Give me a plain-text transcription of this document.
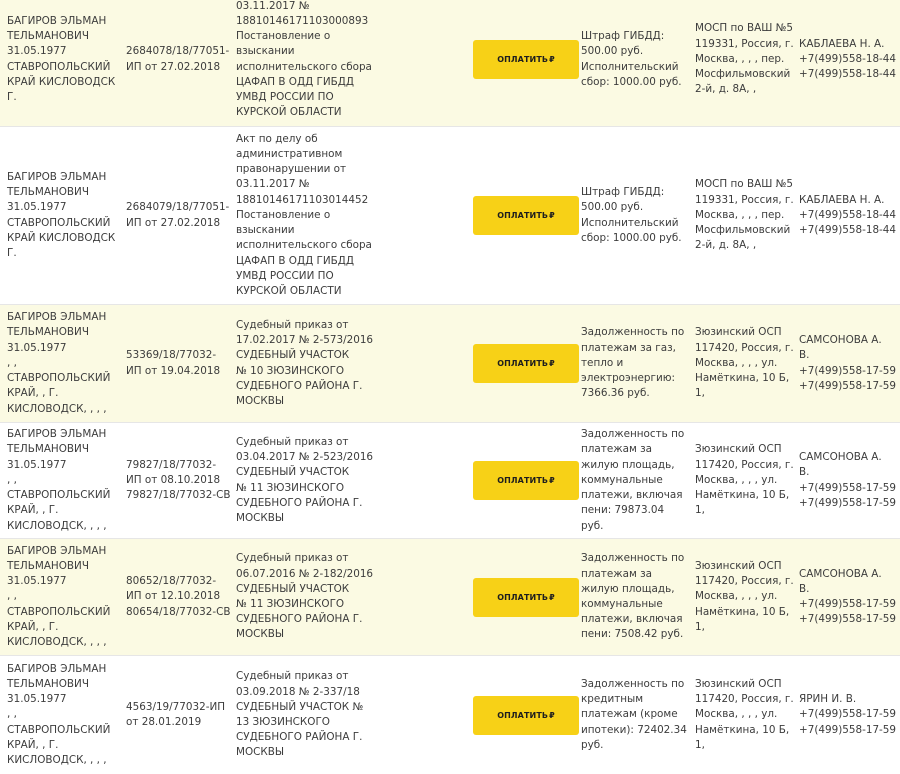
БАГИРОВ ЭЛЬМАН
ТЕЛЬМАНОВИЧ
31.05.1977
СТАВРОПОЛЬСКИЙ
КРАЙ КИСЛОВОДСК
Г.
2684078/18/77051-
ИП от 27.02.2018
03.11.2017 №
18810146171103000893
Постановление о
взыскании
исполнительского сбора
ЦАФАП В ОДД ГИБДД
УМВД РОССИИ ПО
КУРСКОЙ ОБЛАСТИ
ОПЛАТИТЬ ₽
Штраф ГИБДД:
500.00 руб.
Исполнительский
сбор: 1000.00 руб.
МОСП по ВАШ №5
119331, Россия, г.
Москва, , , , пер.
Мосфильмовский
2-й, д. 8А, ,
КАБЛАЕВА Н. А.
+7(499)558-18-44
+7(499)558-18-44
БАГИРОВ ЭЛЬМАН
ТЕЛЬМАНОВИЧ
31.05.1977
СТАВРОПОЛЬСКИЙ
КРАЙ КИСЛОВОДСК
Г.
2684079/18/77051-
ИП от 27.02.2018
Акт по делу об
административном
правонарушении от
03.11.2017 №
18810146171103014452
Постановление о
взыскании
исполнительского сбора
ЦАФАП В ОДД ГИБДД
УМВД РОССИИ ПО
КУРСКОЙ ОБЛАСТИ
ОПЛАТИТЬ ₽
Штраф ГИБДД:
500.00 руб.
Исполнительский
сбор: 1000.00 руб.
МОСП по ВАШ №5
119331, Россия, г.
Москва, , , , пер.
Мосфильмовский
2-й, д. 8А, ,
КАБЛАЕВА Н. А.
+7(499)558-18-44
+7(499)558-18-44
БАГИРОВ ЭЛЬМАН
ТЕЛЬМАНОВИЧ
31.05.1977
, ,
СТАВРОПОЛЬСКИЙ
КРАЙ, , Г.
КИСЛОВОДСК, , , ,
53369/18/77032-
ИП от 19.04.2018
Судебный приказ от
17.02.2017 № 2-573/2016
СУДЕБНЫЙ УЧАСТОК
№ 10 ЗЮЗИНСКОГО
СУДЕБНОГО РАЙОНА Г.
МОСКВЫ
ОПЛАТИТЬ ₽
Задолженность по
платежам за газ,
тепло и
электроэнергию:
7366.36 руб.
Зюзинский ОСП
117420, Россия, г.
Москва, , , , ул.
Намёткина, 10 Б,
1,
САМСОНОВА А.
В.
+7(499)558-17-59
+7(499)558-17-59
БАГИРОВ ЭЛЬМАН
ТЕЛЬМАНОВИЧ
31.05.1977
, ,
СТАВРОПОЛЬСКИЙ
КРАЙ, , Г.
КИСЛОВОДСК, , , ,
79827/18/77032-
ИП от 08.10.2018
79827/18/77032-СВ
Судебный приказ от
03.04.2017 № 2-523/2016
СУДЕБНЫЙ УЧАСТОК
№ 11 ЗЮЗИНСКОГО
СУДЕБНОГО РАЙОНА Г.
МОСКВЫ
ОПЛАТИТЬ ₽
Задолженность по
платежам за
жилую площадь,
коммунальные
платежи, включая
пени: 79873.04
руб.
Зюзинский ОСП
117420, Россия, г.
Москва, , , , ул.
Намёткина, 10 Б,
1,
САМСОНОВА А.
В.
+7(499)558-17-59
+7(499)558-17-59
БАГИРОВ ЭЛЬМАН
ТЕЛЬМАНОВИЧ
31.05.1977
, ,
СТАВРОПОЛЬСКИЙ
КРАЙ, , Г.
КИСЛОВОДСК, , , ,
80652/18/77032-
ИП от 12.10.2018
80654/18/77032-СВ
Судебный приказ от
06.07.2016 № 2-182/2016
СУДЕБНЫЙ УЧАСТОК
№ 11 ЗЮЗИНСКОГО
СУДЕБНОГО РАЙОНА Г.
МОСКВЫ
ОПЛАТИТЬ ₽
Задолженность по
платежам за
жилую площадь,
коммунальные
платежи, включая
пени: 7508.42 руб.
Зюзинский ОСП
117420, Россия, г.
Москва, , , , ул.
Намёткина, 10 Б,
1,
САМСОНОВА А.
В.
+7(499)558-17-59
+7(499)558-17-59
БАГИРОВ ЭЛЬМАН
ТЕЛЬМАНОВИЧ
31.05.1977
, ,
СТАВРОПОЛЬСКИЙ
КРАЙ, , Г.
КИСЛОВОДСК, , , ,
4563/19/77032-ИП
от 28.01.2019
Судебный приказ от
03.09.2018 № 2-337/18
СУДЕБНЫЙ УЧАСТОК №
13 ЗЮЗИНСКОГО
СУДЕБНОГО РАЙОНА Г.
МОСКВЫ
ОПЛАТИТЬ ₽
Задолженность по
кредитным
платежам (кроме
ипотеки): 72402.34
руб.
Зюзинский ОСП
117420, Россия, г.
Москва, , , , ул.
Намёткина, 10 Б,
1,
ЯРИН И. В.
+7(499)558-17-59
+7(499)558-17-59
